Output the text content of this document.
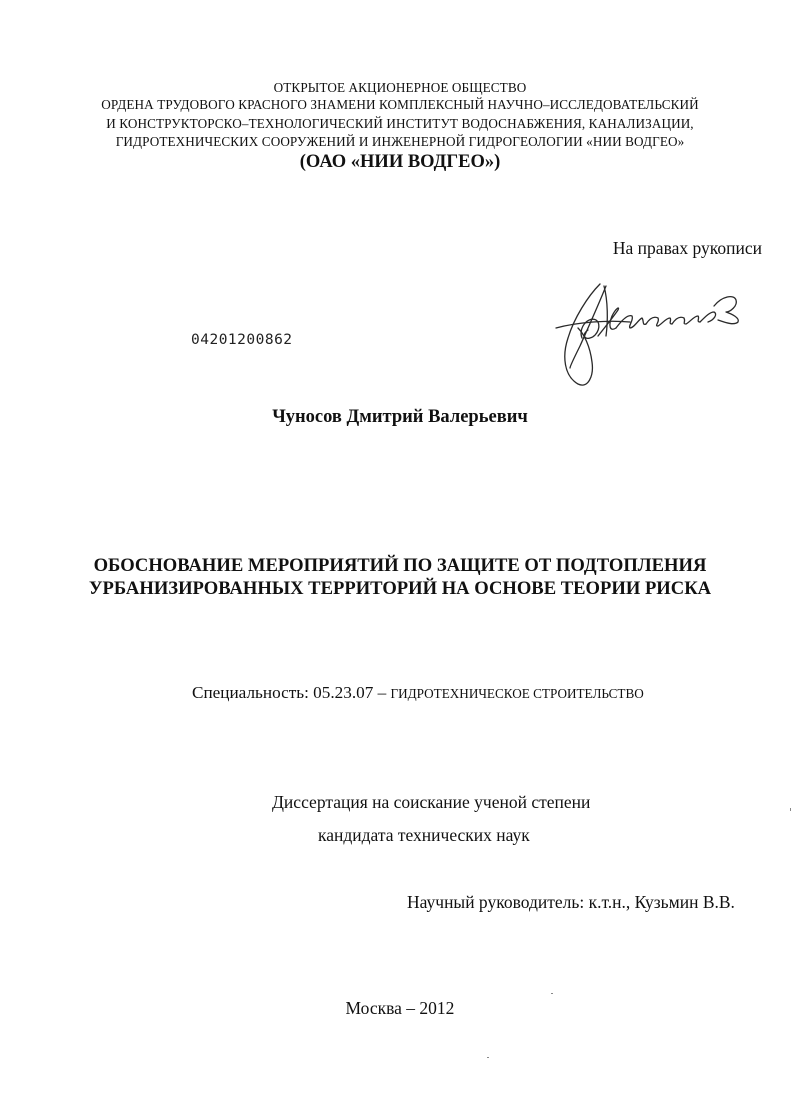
ОТКРЫТОЕ АКЦИОНЕРНОЕ ОБЩЕСТВО
ОРДЕНА ТРУДОВОГО КРАСНОГО ЗНАМЕНИ КОМПЛЕКСНЫЙ НАУЧНО–ИССЛЕДОВАТЕЛЬСКИЙ
И КОНСТРУКТОРСКО–ТЕХНОЛОГИЧЕСКИЙ ИНСТИТУТ ВОДОСНАБЖЕНИЯ, КАНАЛИЗАЦИИ,
ГИДРОТЕХНИЧЕСКИХ СООРУЖЕНИЙ И ИНЖЕНЕРНОЙ ГИДРОГЕОЛОГИИ «НИИ ВОДГЕО»
(ОАО «НИИ ВОДГЕО»)
На правах рукописи
04201200862
Чуносов Дмитрий Валерьевич
ОБОСНОВАНИЕ МЕРОПРИЯТИЙ ПО ЗАЩИТЕ ОТ ПОДТОПЛЕНИЯ
УРБАНИЗИРОВАННЫХ ТЕРРИТОРИЙ НА ОСНОВЕ ТЕОРИИ РИСКА
Специальность: 05.23.07 – ГИДРОТЕХНИЧЕСКОЕ СТРОИТЕЛЬСТВО
Диссертация на соискание ученой степени
кандидата технических наук
Научный руководитель: к.т.н., Кузьмин В.В.
Москва – 2012
